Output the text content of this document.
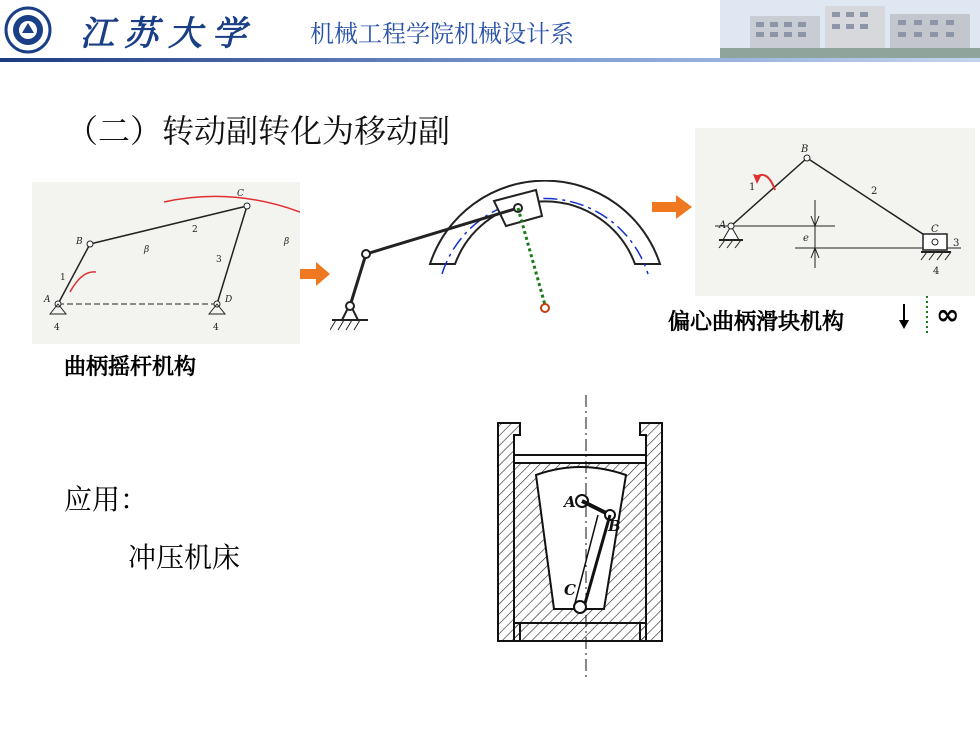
江苏大学 机械工程学院机械设计系
（二）转动副转化为移动副
A
B
C
D
1
2
3
4	4
β
β
曲柄摇杆机构
e
A
B
C
1	2
3
4
偏心曲柄滑块机构	∞
应用：
冲压机床
A
B
C
